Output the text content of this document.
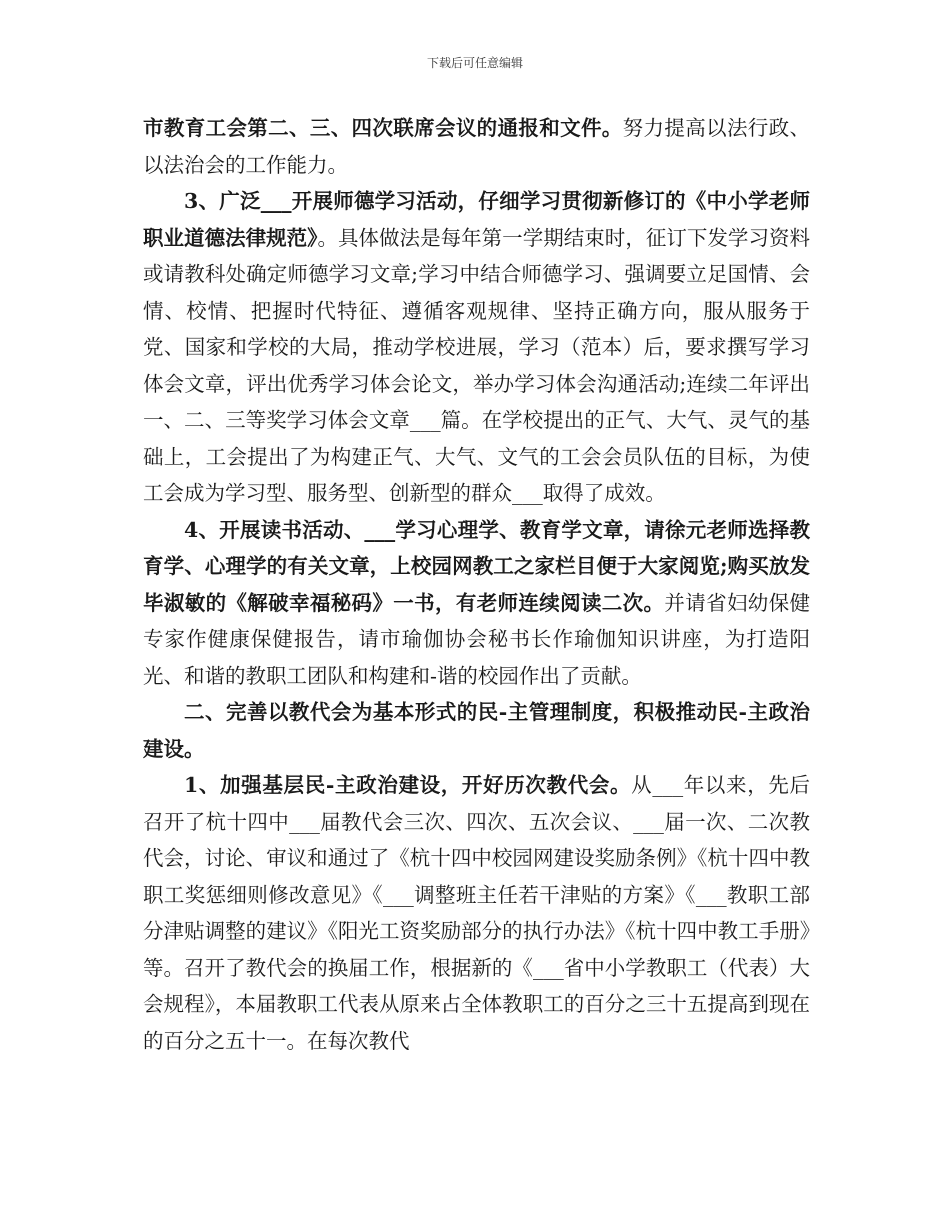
下载后可任意编辑

市教育工会第二、三、四次联席会议的通报和文件。努力提高以法行政、以法治会的工作能力。

3、广泛___开展师德学习活动，仔细学习贯彻新修订的《中小学老师职业道德法律规范》。具体做法是每年第一学期结束时，征订下发学习资料或请教科处确定师德学习文章;学习中结合师德学习、强调要立足国情、会情、校情、把握时代特征、遵循客观规律、坚持正确方向，服从服务于党、国家和学校的大局，推动学校进展，学习（范本）后，要求撰写学习体会文章，评出优秀学习体会论文，举办学习体会沟通活动;连续二年评出一、二、三等奖学习体会文章___篇。在学校提出的正气、大气、灵气的基础上，工会提出了为构建正气、大气、文气的工会会员队伍的目标，为使工会成为学习型、服务型、创新型的群众___取得了成效。

4、开展读书活动、___学习心理学、教育学文章，请徐元老师选择教育学、心理学的有关文章，上校园网教工之家栏目便于大家阅览;购买放发毕淑敏的《解破幸福秘码》一书，有老师连续阅读二次。并请省妇幼保健专家作健康保健报告，请市瑜伽协会秘书长作瑜伽知识讲座，为打造阳光、和谐的教职工团队和构建和-谐的校园作出了贡献。

二、完善以教代会为基本形式的民-主管理制度，积极推动民-主政治建设。

1、加强基层民-主政治建设，开好历次教代会。从___年以来，先后召开了杭十四中___届教代会三次、四次、五次会议、___届一次、二次教代会，讨论、审议和通过了《杭十四中校园网建设奖励条例》《杭十四中教职工奖惩细则修改意见》《___调整班主任若干津贴的方案》《___教职工部分津贴调整的建议》《阳光工资奖励部分的执行办法》《杭十四中教工手册》等。召开了教代会的换届工作，根据新的《___省中小学教职工（代表）大会规程》，本届教职工代表从原来占全体教职工的百分之三十五提高到现在的百分之五十一。在每次教代
